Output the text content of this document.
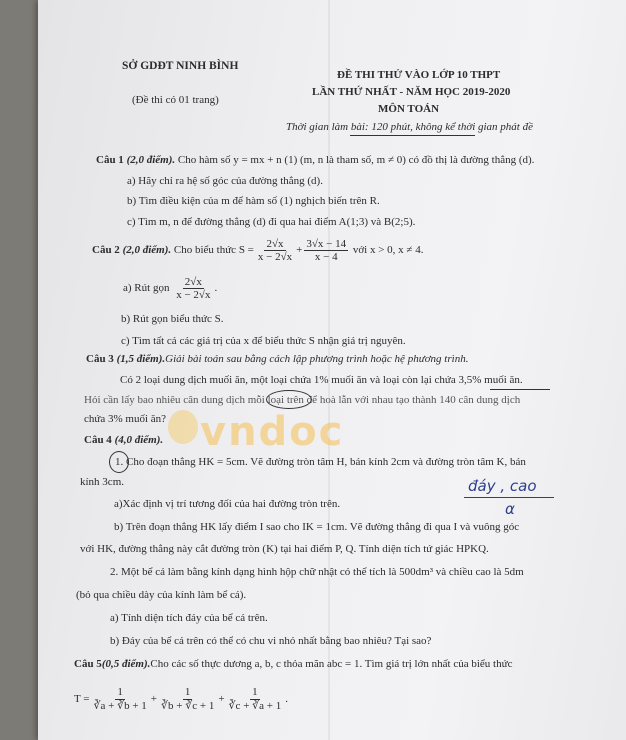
SỞ GDĐT NINH BÌNH
(Đề thi có 01 trang)
ĐỀ THI THỬ VÀO LỚP 10 THPT
LẦN THỨ NHẤT - NĂM HỌC 2019-2020
MÔN TOÁN
Thời gian làm bài: 120 phút, không kể thời gian phát đề
Câu 1 (2,0 điểm). Cho hàm số y = mx + n (1) (m, n là tham số, m ≠ 0) có đồ thị là đường thẳng (d).
a) Hãy chỉ ra hệ số góc của đường thẳng (d).
b) Tìm điều kiện của m để hàm số (1) nghịch biến trên R.
c) Tìm m, n để đường thẳng (d) đi qua hai điểm A(1;3) và B(2;5).
Câu 2 (2,0 điểm). Cho biểu thức $S = \frac{2√x}{x - 2√x} + \frac{3√x - 14}{x - 4}$ với x > 0, x ≠ 4.
a) Rút gọn $\frac{2√x}{x - 2√x}$ .
b) Rút gọn biểu thức S.
c) Tìm tất cả các giá trị của x để biểu thức S nhận giá trị nguyên.
Câu 3 (1,5 điểm).Giải bài toán sau bằng cách lập phương trình hoặc hệ phương trình.
Có 2 loại dung dịch muối ăn, một loại chứa 1% muối ăn và loại còn lại chứa 3,5% muối ăn.
Hỏi cần lấy bao nhiêu cân dung dịch mỗi loại trên để hoà lẫn với nhau tạo thành 140 cân dung dịch
chứa 3% muối ăn? vndoc
Câu 4 (4,0 điểm).
1. Cho đoạn thẳng HK = 5cm. Vẽ đường tròn tâm H, bán kính 2cm và đường tròn tâm K, bán
kính 3cm.
a)Xác định vị trí tương đối của hai đường tròn trên.
đáy , cao
α
b) Trên đoạn thẳng HK lấy điểm I sao cho IK = 1cm. Vẽ đường thẳng đi qua I và vuông góc
với HK, đường thẳng này cắt đường tròn (K) tại hai điểm P, Q. Tính diện tích tứ giác HPKQ.
2. Một bể cá làm bằng kính dạng hình hộp chữ nhật có thể tích là 500dm³ và chiều cao là 5dm
(bỏ qua chiều dày của kính làm bể cá).
a) Tính diện tích đáy của bể cá trên.
b) Đáy của bể cá trên có thể có chu vi nhỏ nhất bằng bao nhiêu? Tại sao?
Câu 5(0,5 điểm).Cho các số thực dương a, b, c thỏa mãn abc = 1. Tìm giá trị lớn nhất của biểu thức
$T = \frac{1}{∛a + ∛b + 1} + \frac{1}{∛b + ∛c + 1} + \frac{1}{∛c + ∛a + 1}$ .
